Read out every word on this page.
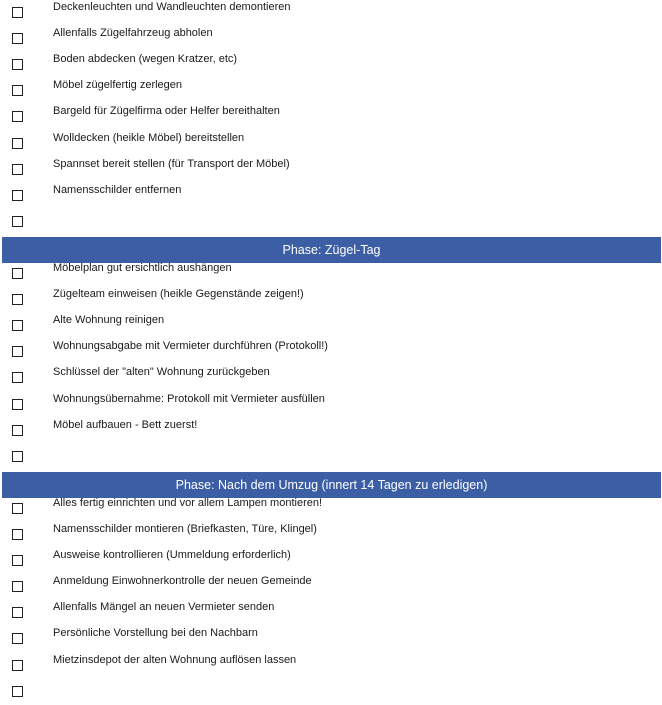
Deckenleuchten und Wandleuchten demontieren
Allenfalls Zügelfahrzeug abholen
Boden abdecken (wegen Kratzer, etc)
Möbel zügelfertig zerlegen
Bargeld für Zügelfirma oder Helfer bereithalten
Wolldecken (heikle Möbel) bereitstellen
Spannset bereit stellen (für Transport der Möbel)
Namensschilder entfernen
Phase: Zügel-Tag
Möbelplan gut ersichtlich aushängen
Zügelteam einweisen (heikle Gegenstände zeigen!)
Alte Wohnung reinigen
Wohnungsabgabe mit Vermieter durchführen (Protokoll!)
Schlüssel der "alten" Wohnung zurückgeben
Wohnungsübernahme: Protokoll mit Vermieter ausfüllen
Möbel aufbauen - Bett zuerst!
Phase: Nach dem Umzug (innert 14 Tagen zu erledigen)
Alles fertig einrichten und vor allem Lampen montieren!
Namensschilder montieren (Briefkasten, Türe, Klingel)
Ausweise kontrollieren (Ummeldung erforderlich)
Anmeldung Einwohnerkontrolle der neuen Gemeinde
Allenfalls Mängel an neuen Vermieter senden
Persönliche Vorstellung bei den Nachbarn
Mietzinsdepot der alten Wohnung auflösen lassen
